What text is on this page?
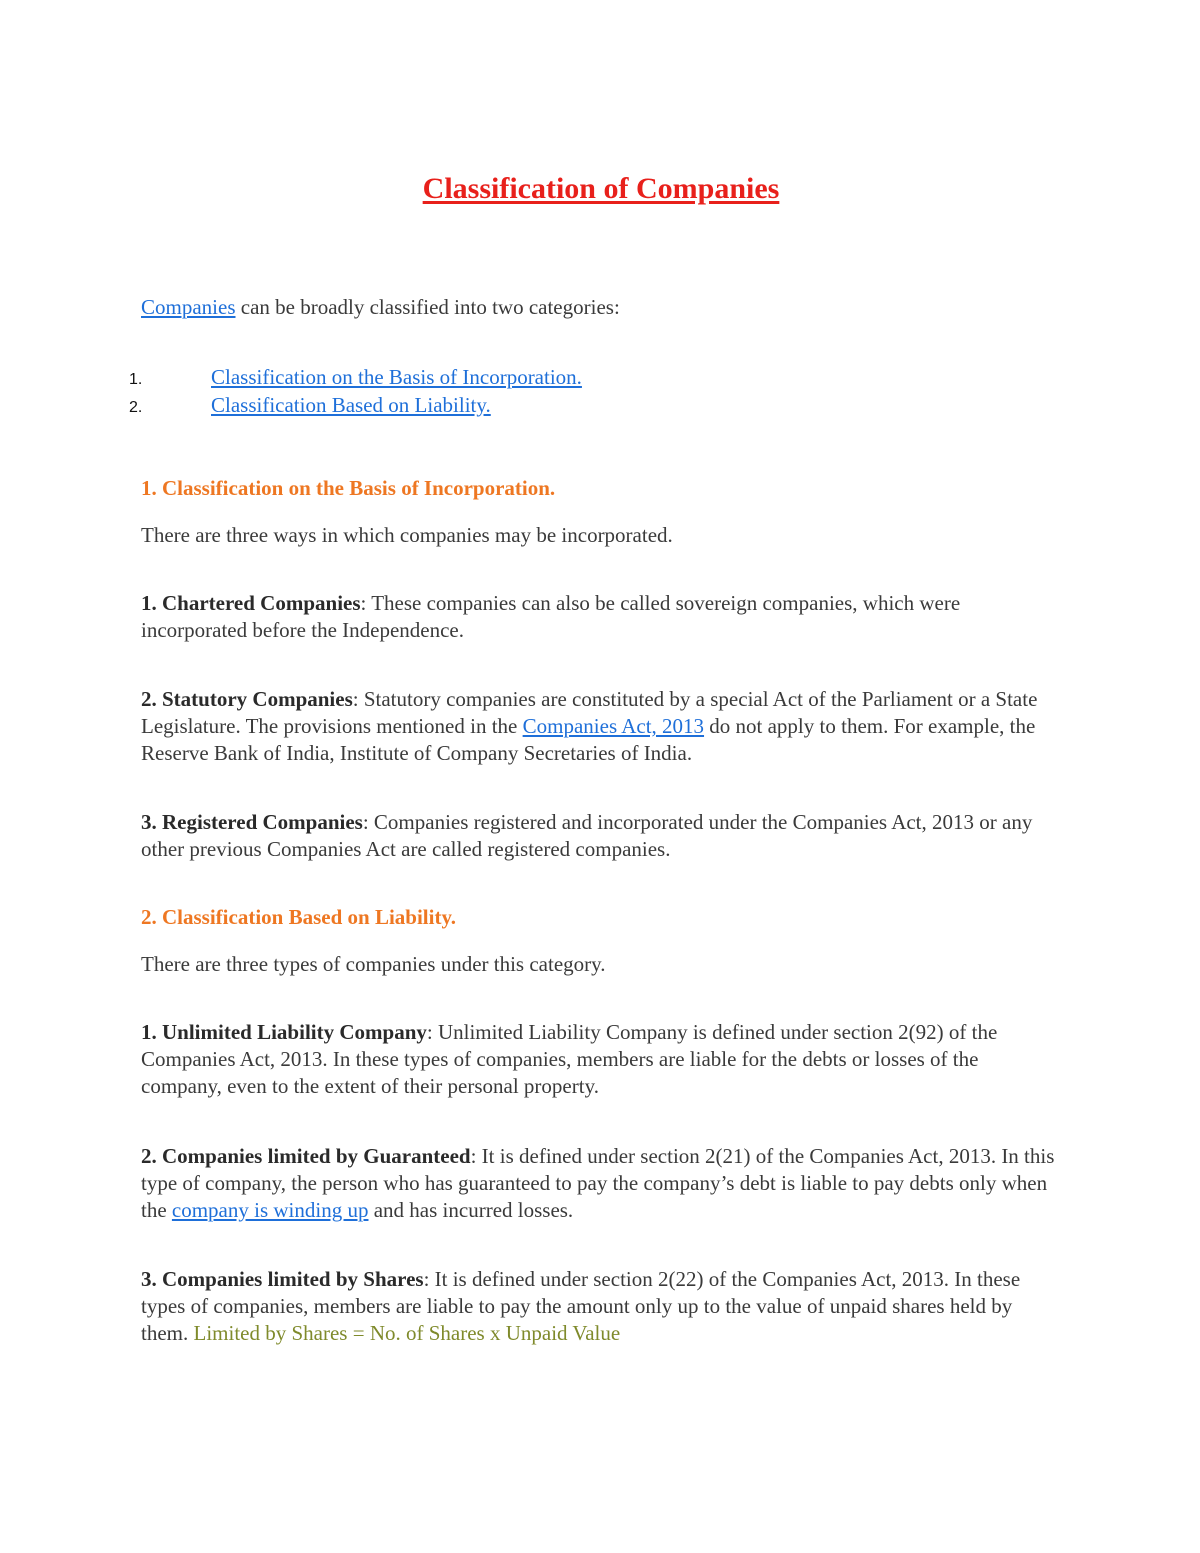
Classification of Companies

Companies can be broadly classified into two categories:

1.	Classification on the Basis of Incorporation.
2.	Classification Based on Liability.
1. Classification on the Basis of Incorporation.

There are three ways in which companies may be incorporated.

1. Chartered Companies: These companies can also be called sovereign companies, which were incorporated before the Independence.

2. Statutory Companies: Statutory companies are constituted by a special Act of the Parliament or a State Legislature. The provisions mentioned in the Companies Act, 2013 do not apply to them. For example, the Reserve Bank of India, Institute of Company Secretaries of India.

3. Registered Companies: Companies registered and incorporated under the Companies Act, 2013 or any other previous Companies Act are called registered companies.

2. Classification Based on Liability.

There are three types of companies under this category.

1. Unlimited Liability Company: Unlimited Liability Company is defined under section 2(92) of the Companies Act, 2013. In these types of companies, members are liable for the debts or losses of the company, even to the extent of their personal property.

2. Companies limited by Guaranteed: It is defined under section 2(21) of the Companies Act, 2013. In this type of company, the person who has guaranteed to pay the company’s debt is liable to pay debts only when the company is winding up and has incurred losses.

3. Companies limited by Shares: It is defined under section 2(22) of the Companies Act, 2013. In these types of companies, members are liable to pay the amount only up to the value of unpaid shares held by them. Limited by Shares = No. of Shares x Unpaid Value
